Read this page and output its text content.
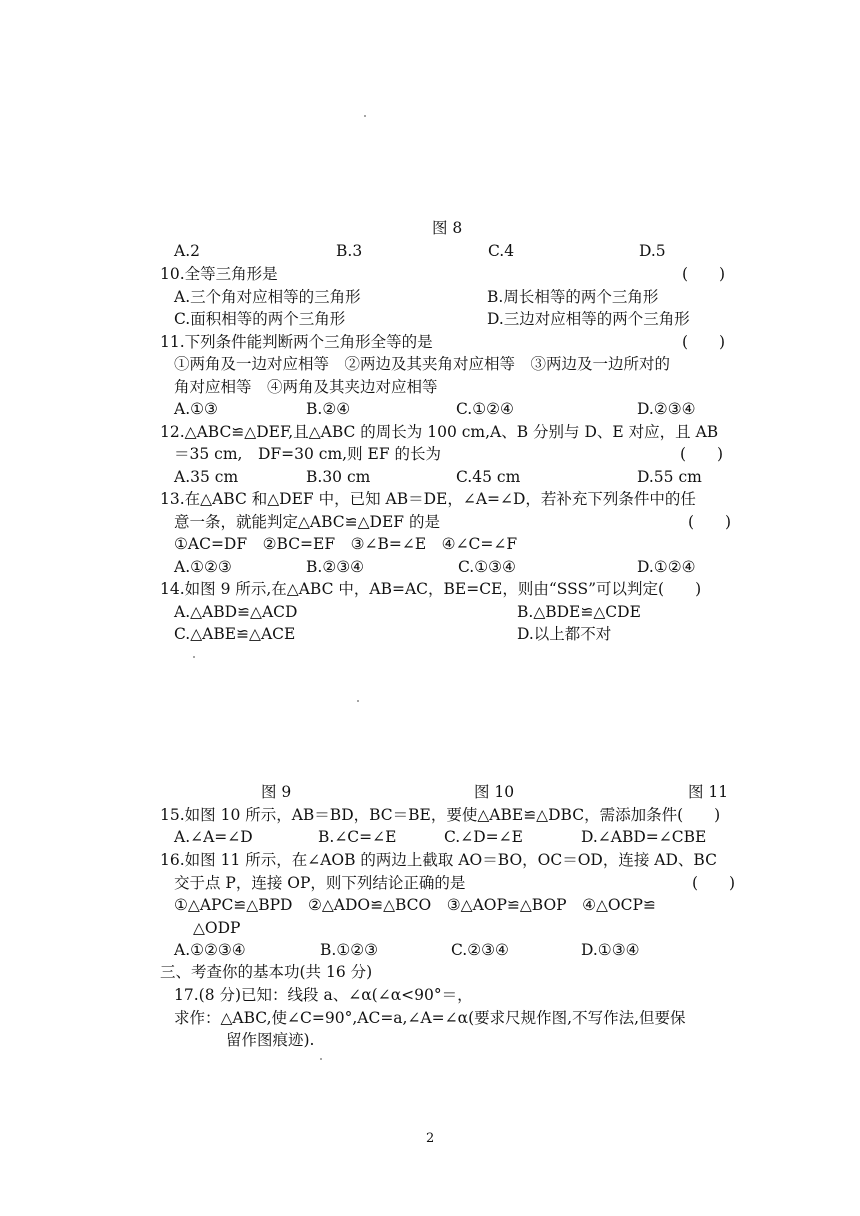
图 8
A.2	B.3	C.4	D.5
10.全等三角形是	(　　)
A.三个角对应相等的三角形	B.周长相等的两个三角形
C.面积相等的两个三角形	D.三边对应相等的两个三角形
11.下列条件能判断两个三角形全等的是	(　　)
①两角及一边对应相等　②两边及其夹角对应相等　③两边及一边所对的
角对应相等　④两角及其夹边对应相等
A.①③	B.②④	C.①②④	D.②③④
12.△ABC≌△DEF,且△ABC 的周长为 100 cm,A、B 分别与 D、E 对应，且 AB
＝35 cm,　DF=30 cm,则 EF 的长为	(　　)
A.35 cm	B.30 cm	C.45 cm	D.55 cm
13.在△ABC 和△DEF 中，已知 AB＝DE，∠A=∠D，若补充下列条件中的任
意一条，就能判定△ABC≌△DEF 的是	(　　)
①AC=DF　②BC=EF　③∠B=∠E　④∠C=∠F
A.①②③	B.②③④	C.①③④	D.①②④
14.如图 9 所示,在△ABC 中，AB=AC，BE=CE，则由“SSS”可以判定(　　)
A.△ABD≌△ACD	B.△BDE≌△CDE
C.△ABE≌△ACE	D.以上都不对
图 9	图 10	图 11
15.如图 10 所示，AB＝BD，BC＝BE，要使△ABE≌△DBC，需添加条件(　　)
A.∠A=∠D	B.∠C=∠E	C.∠D=∠E	D.∠ABD=∠CBE
16.如图 11 所示，在∠AOB 的两边上截取 AO＝BO，OC＝OD，连接 AD、BC
交于点 P，连接 OP，则下列结论正确的是	(　　)
①△APC≌△BPD　②△ADO≌△BCO　③△AOP≌△BOP　④△OCP≌
△ODP
A.①②③④	B.①②③	C.②③④	D.①③④
三、考查你的基本功(共 16 分)
17.(8 分)已知：线段 a、∠α(∠α<90°＝，
求作：△ABC,使∠C=90°,AC=a,∠A=∠α(要求尺规作图,不写作法,但要保
留作图痕迹).
2
